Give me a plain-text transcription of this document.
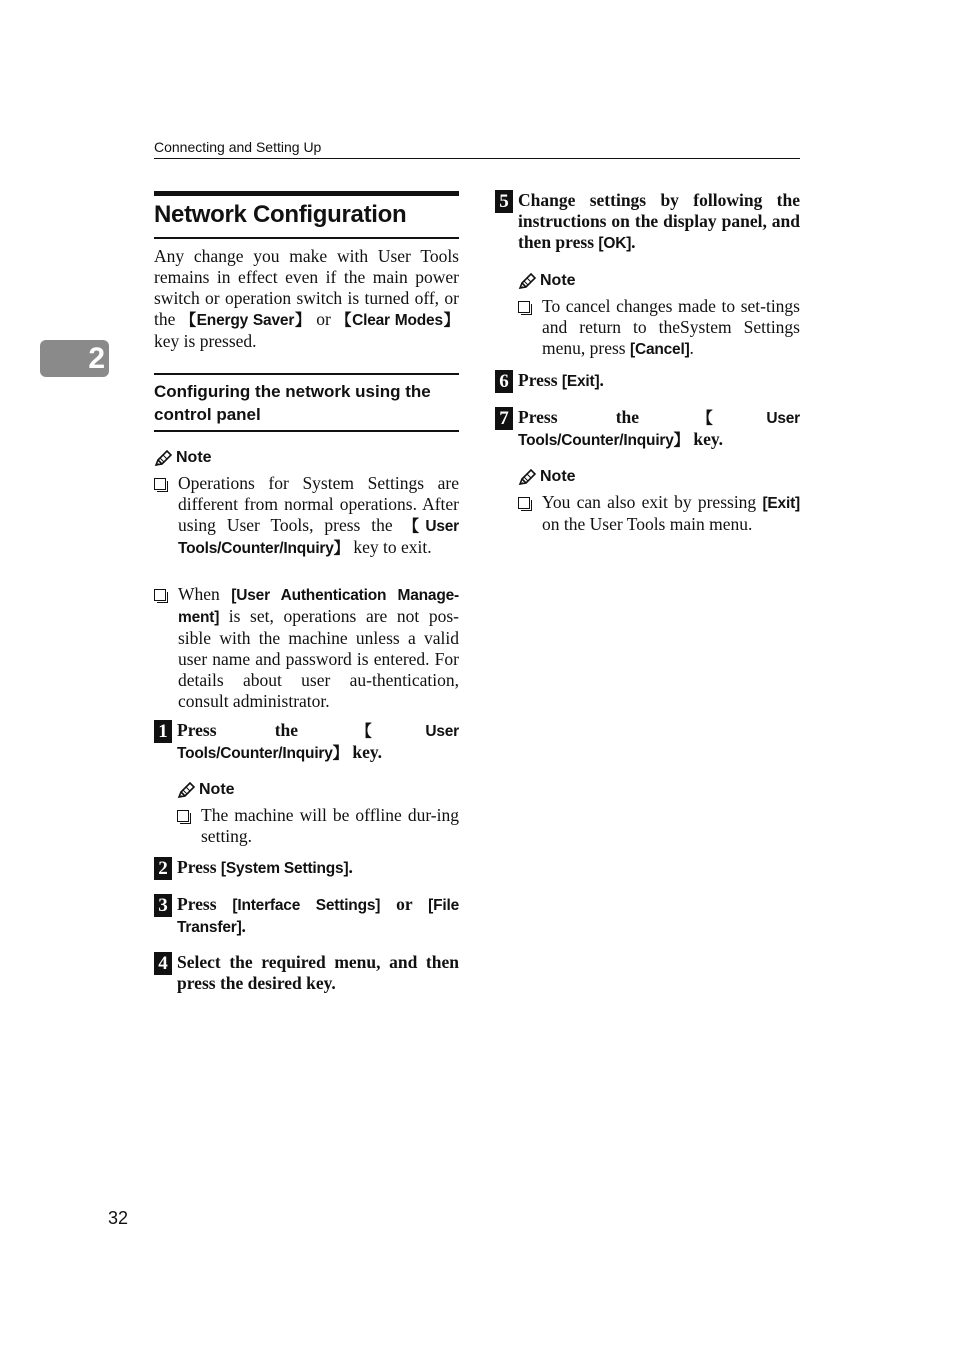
Connecting and Setting Up
2
32
Network Configuration
Any change you make with User Tools remains in effect even if the main power switch or operation switch is turned off, or the 【Energy Saver】 or 【Clear Modes】 key is pressed.
Configuring the network using the control panel
Note
Operations for System Settings are different from normal operations. After using User Tools, press the 【User Tools/Counter/Inquiry】 key to exit.
When [User Authentication Manage-ment] is set, operations are not pos-sible with the machine unless a valid user name and password is entered. For details about user au-thentication, consult administrator.
1 Press the 【User Tools/Counter/Inquiry】 key.
Note
The machine will be offline dur-ing setting.
2 Press [System Settings].
3 Press [Interface Settings] or [File Transfer].
4 Select the required menu, and then press the desired key.
5 Change settings by following the instructions on the display panel, and then press [OK].
Note
To cancel changes made to set-tings and return to theSystem Settings menu, press [Cancel].
6 Press [Exit].
7 Press the 【User Tools/Counter/Inquiry】 key.
Note
You can also exit by pressing [Exit] on the User Tools main menu.
